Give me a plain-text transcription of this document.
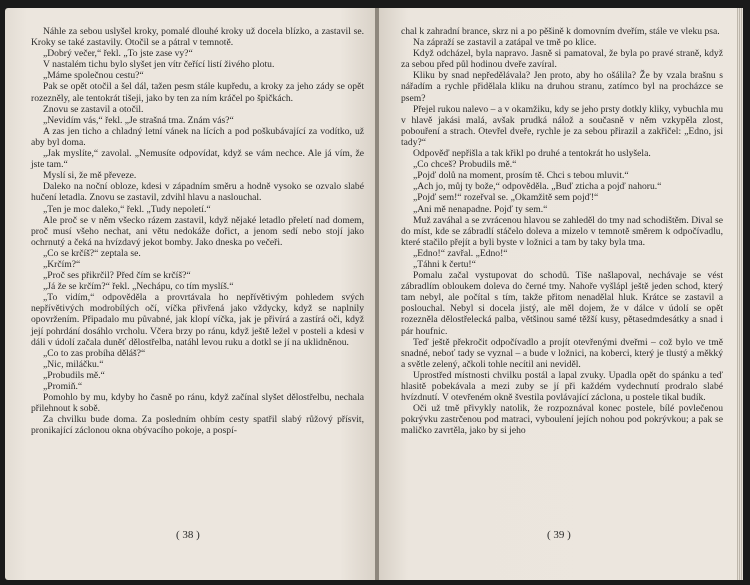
Náhle za sebou uslyšel kroky, pomalé dlouhé kroky už docela blízko, a zastavil se. Kroky se také zastavily. Otočil se a pátral v temnotě.

„Dobrý večer,“ řekl. „To jste zase vy?“

V nastalém tichu bylo slyšet jen vítr čeřící listí živého plotu.

„Máme společnou cestu?“

Pak se opět otočil a šel dál, tažen pesm stále kupředu, a kroky za jeho zády se opět rozezněly, ale tentokrát tišeji, jako by ten za ním kráčel po špičkách.

Znovu se zastavil a otočil.

„Nevidím vás,“ řekl. „Je strašná tma. Znám vás?“

A zas jen ticho a chladný letní vánek na lících a pod poškubávající za vodítko, už aby byl doma.

„Jak myslíte,“ zavolal. „Nemusíte odpovídat, když se vám nechce. Ale já vím, že jste tam.“

Myslí si, že mě převeze.

Daleko na noční obloze, kdesi v západním směru a hodně vysoko se ozvalo slabé hučení letadla. Znovu se zastavil, zdvihl hlavu a naslouchal.

„Ten je moc daleko,“ řekl. „Tudy nepoletí.“

Ale proč se v něm všecko rázem zastavil, když nějaké letadlo přeletí nad domem, proč musí všeho nechat, ani větu nedokáže dořict, a jenom sedí nebo stojí jako ochrnutý a čeká na hvízdavý jekot bomby. Jako dneska po večeři.

„Co se krčíš?“ zeptala se.

„Krčím?“

„Proč ses přikrčil? Před čím se krčíš?“

„Já že se krčím?“ řekl. „Nechápu, co tím myslíš.“

„To vidím,“ odpověděla a provrtávala ho nepřívětivým pohledem svých nepřívětivých modrobílých očí, víčka přivřená jako vždycky, když se naplnily opovržením. Připadalo mu půvabné, jak klopí víčka, jak je přivírá a zastírá oči, když její pohrdání dosáhlo vrcholu. Včera brzy po ránu, když ještě ležel v posteli a kdesi v dáli v údolí začala duněť dělostřelba, natáhl levou ruku a dotkl se jí na uklidněnou.

„Co to zas probíha děláš?“

„Nic, miláčku.“

„Probudils mě.“

„Promiň.“

Pomohlo by mu, kdyby ho časně po ránu, když začínal slyšet dělostřelbu, nechala přilehnout k sobě.

Za chvilku bude doma. Za posledním ohbím cesty spatřil slabý růžový přísvit, pronikající záclonou okna obývacího pokoje, a pospí-

( 38 )

chal k zahradní brance, skrz ni a po pěšině k domovním dveřím, stále ve vleku psa.

Na zápraží se zastavil a zatápal ve tmě po klice.

Když odcházel, byla napravo. Jasně si pamatoval, že byla po pravé straně, když za sebou před půl hodinou dveře zavíral.

Kliku by snad nepředělávala? Jen proto, aby ho ošálila? Že by vzala brašnu s nářadím a rychle přidělala kliku na druhou stranu, zatímco byl na procházce se psem?

Přejel rukou nalevo – a v okamžiku, kdy se jeho prsty dotkly kliky, vybuchla mu v hlavě jakási malá, avšak prudká nálož a současně v něm vzkypěla zlost, pobouření a strach. Otevřel dveře, rychle je za sebou přirazil a zakřičel: „Edno, jsi tady?“

Odpověď nepřišla a tak křikl po druhé a tentokrát ho uslyšela.

„Co chceš? Probudils mě.“

„Pojď dolů na moment, prosím tě. Chci s tebou mluvit.“

„Ach jo, můj ty bože,“ odpověděla. „Buď zticha a pojď nahoru.“

„Pojď sem!“ rozeřval se. „Okamžitě sem pojď!“

„Ani mě nenapadne. Pojď ty sem.“

Muž zaváhal a se zvrácenou hlavou se zahleděl do tmy nad schodištěm. Dival se do míst, kde se zábradlí stáčelo doleva a mizelo v temnotě směrem k odpočívadlu, které stačilo přejít a byli byste v ložnici a tam by taky byla tma.

„Edno!“ zavřal. „Edno!“

„Táhni k čertu!“

Pomalu začal vystupovat do schodů. Tiše našlapoval, nechávaje se vést zábradlím obloukem doleva do černé tmy. Nahoře vyšlápl ještě jeden schod, který tam nebyl, ale počítal s tím, takže přitom nenadělal hluk. Krátce se zastavil a poslouchal. Nebyl si docela jistý, ale měl dojem, že v dálce v údolí se opět rozezněla dělostřelecká palba, většinou samé těžší kusy, pětasedmdesátky a snad i pár houfnic.

Teď ještě překročit odpočívadlo a projít otevřenými dveřmi – což bylo ve tmě snadné, neboť tady se vyznal – a bude v ložnici, na koberci, který je tlustý a měkký a světle zelený, ačkoli tohle necítil ani neviděl.

Uprostřed místnosti chvilku postál a lapal zvuky. Upadla opět do spánku a teď hlasitě pobekávala a mezi zuby se jí při každém vydechnutí prodralo slabé hvízdnutí. V otevřeném okně švestila povlávající záclona, u postele tikal budík.

Oči už tmě přivykly natolik, že rozpoznával konec postele, bílé povlečenou pokrývku zastrčenou pod matraci, vyboulení jejích nohou pod pokrývkou; a pak se maličko zavrtěla, jako by si jeho

( 39 )
